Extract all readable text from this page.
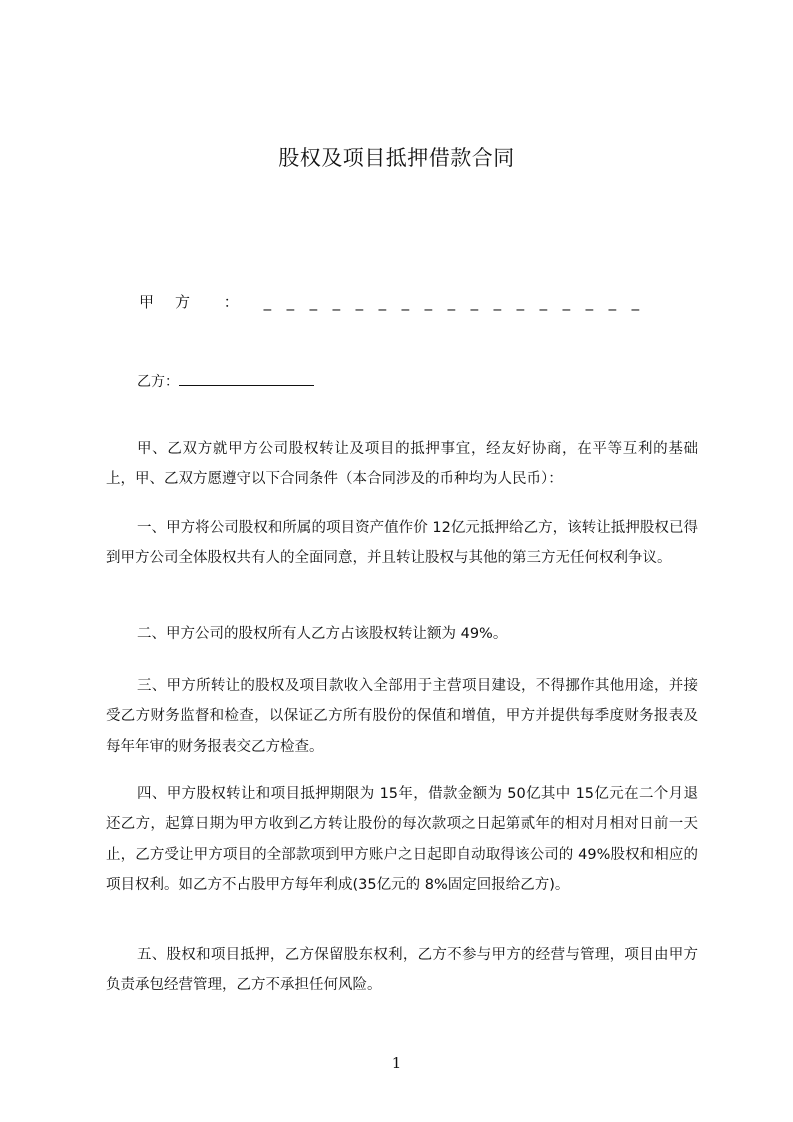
股权及项目抵押借款合同
甲方 ： _________________
乙方：

甲、乙双方就甲方公司股权转让及项目的抵押事宜，经友好协商，在平等互利的基础上，甲、乙双方愿遵守以下合同条件（本合同涉及的币种均为人民币）：

一、甲方将公司股权和所属的项目资产值作价 12亿元抵押给乙方，该转让抵押股权已得到甲方公司全体股权共有人的全面同意，并且转让股权与其他的第三方无任何权利争议。

二、甲方公司的股权所有人乙方占该股权转让额为 49%。

三、甲方所转让的股权及项目款收入全部用于主营项目建设，不得挪作其他用途，并接受乙方财务监督和检查，以保证乙方所有股份的保值和增值，甲方并提供每季度财务报表及每年年审的财务报表交乙方检查。

四、甲方股权转让和项目抵押期限为 15年，借款金额为 50亿其中 15亿元在二个月退还乙方，起算日期为甲方收到乙方转让股份的每次款项之日起第贰年的相对月相对日前一天止，乙方受让甲方项目的全部款项到甲方账户之日起即自动取得该公司的 49%股权和相应的项目权利。如乙方不占股甲方每年利成(35亿元的 8%固定回报给乙方)。

五、股权和项目抵押，乙方保留股东权利，乙方不参与甲方的经营与管理，项目由甲方负责承包经营管理，乙方不承担任何风险。

1
